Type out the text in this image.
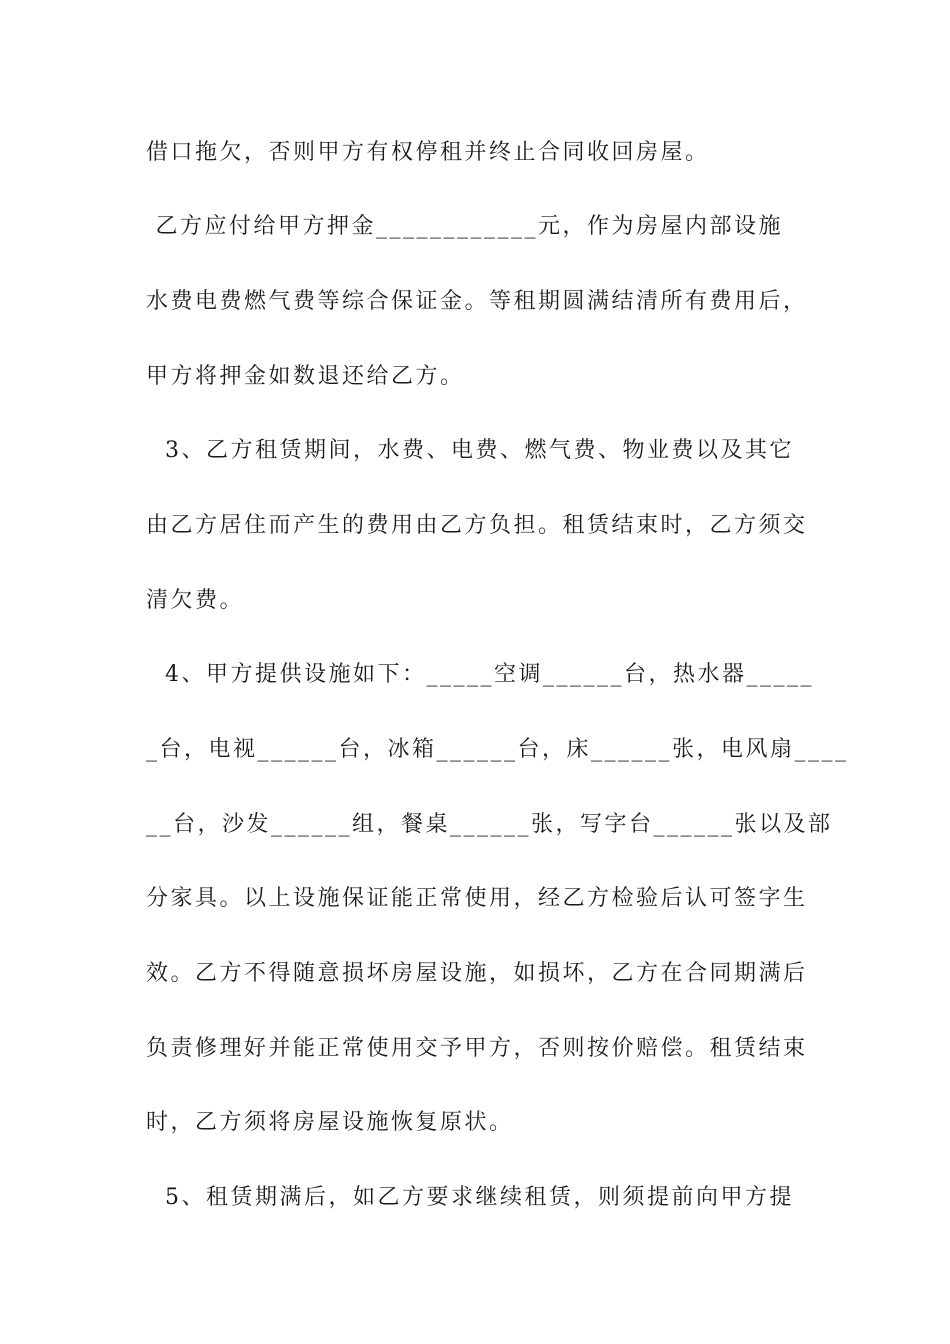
借口拖欠，否则甲方有权停租并终止合同收回房屋。
乙方应付给甲方押金____________元，作为房屋内部设施
水费电费燃气费等综合保证金。等租期圆满结清所有费用后，
甲方将押金如数退还给乙方。
3、乙方租赁期间，水费、电费、燃气费、物业费以及其它
由乙方居住而产生的费用由乙方负担。租赁结束时，乙方须交
清欠费。
4、甲方提供设施如下：_____空调______台，热水器_____
_台，电视______台，冰箱______台，床______张，电风扇____
__台，沙发______组，餐桌______张，写字台______张以及部
分家具。以上设施保证能正常使用，经乙方检验后认可签字生
效。乙方不得随意损坏房屋设施，如损坏，乙方在合同期满后
负责修理好并能正常使用交予甲方，否则按价赔偿。租赁结束
时，乙方须将房屋设施恢复原状。
5、租赁期满后，如乙方要求继续租赁，则须提前向甲方提
